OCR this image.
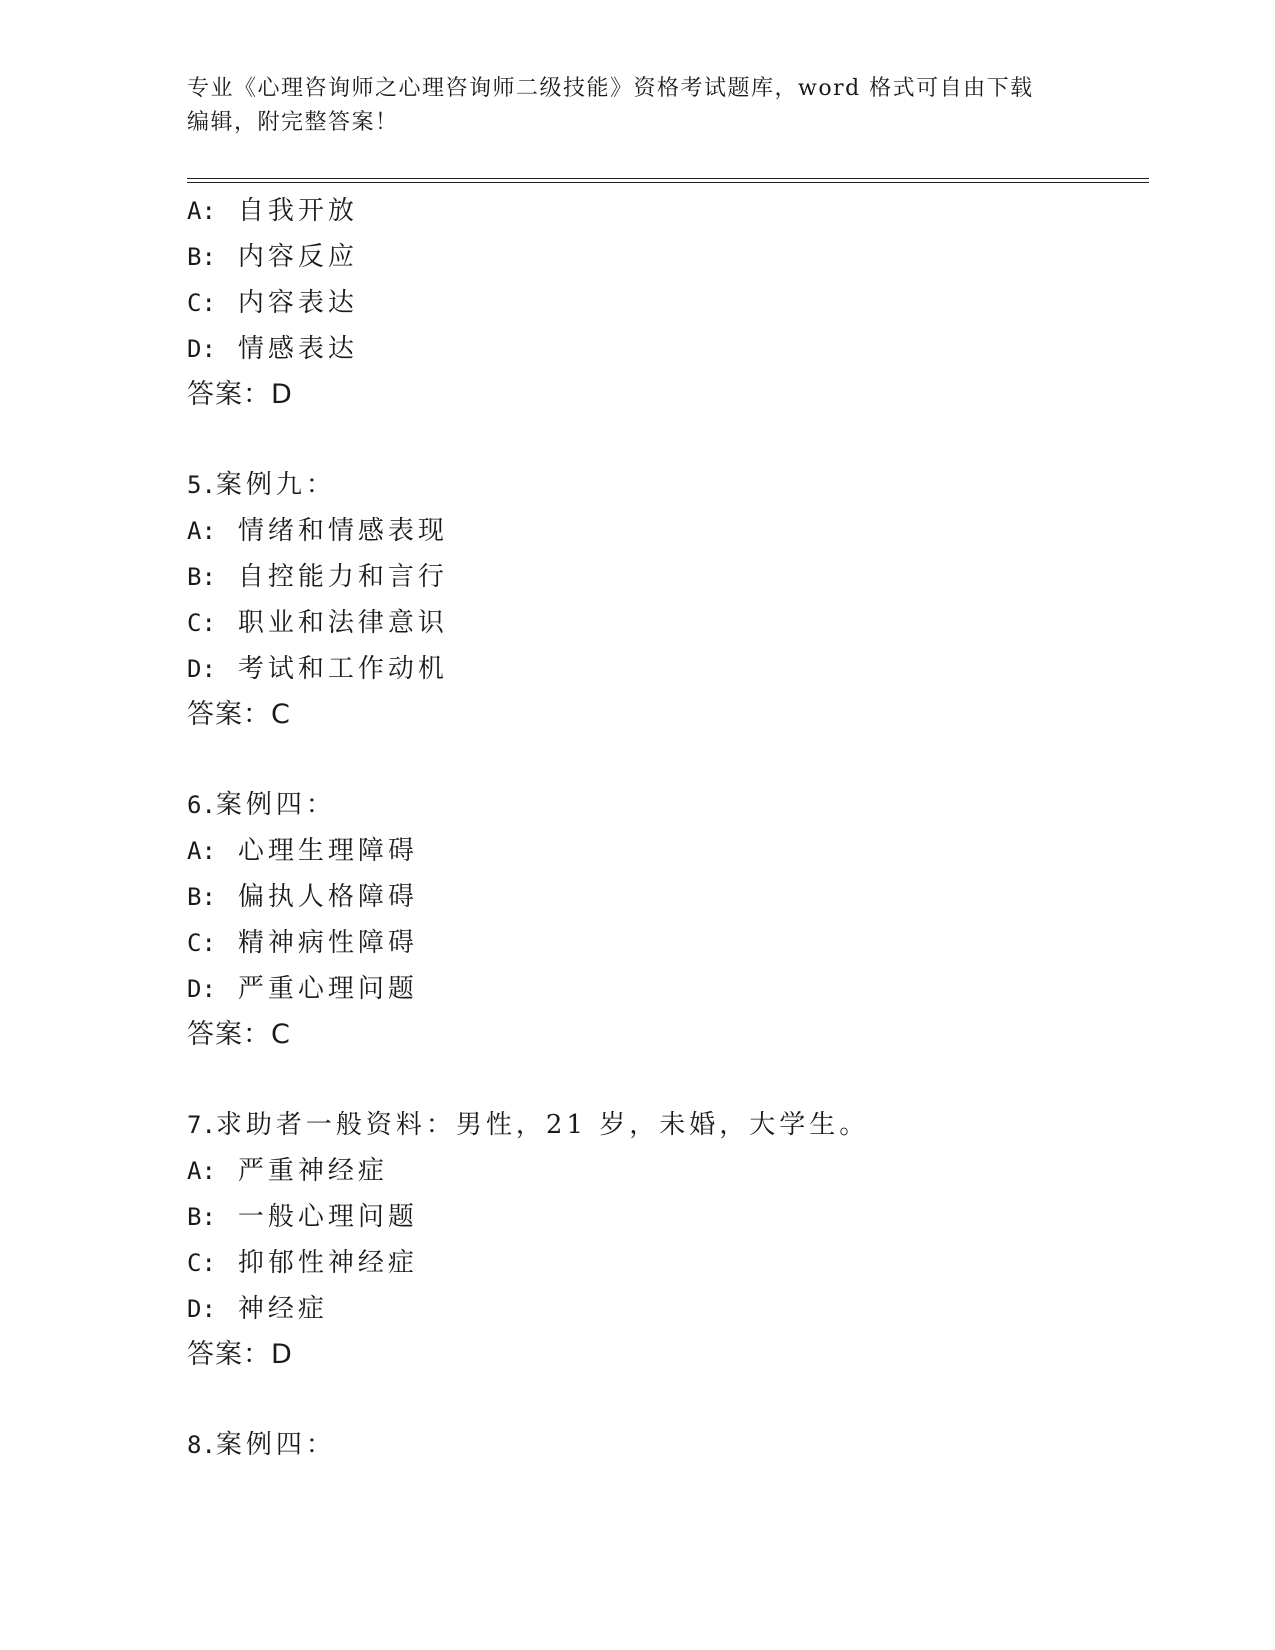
专业《心理咨询师之心理咨询师二级技能》资格考试题库，word 格式可自由下载
编辑，附完整答案！
A: 自我开放
B: 内容反应
C: 内容表达
D: 情感表达
答案：D
5.案例九：
A: 情绪和情感表现
B: 自控能力和言行
C: 职业和法律意识
D: 考试和工作动机
答案：C
6.案例四：
A: 心理生理障碍
B: 偏执人格障碍
C: 精神病性障碍
D: 严重心理问题
答案：C
7.求助者一般资料：男性，21 岁，未婚，大学生。
A: 严重神经症
B: 一般心理问题
C: 抑郁性神经症
D: 神经症
答案：D
8.案例四：
